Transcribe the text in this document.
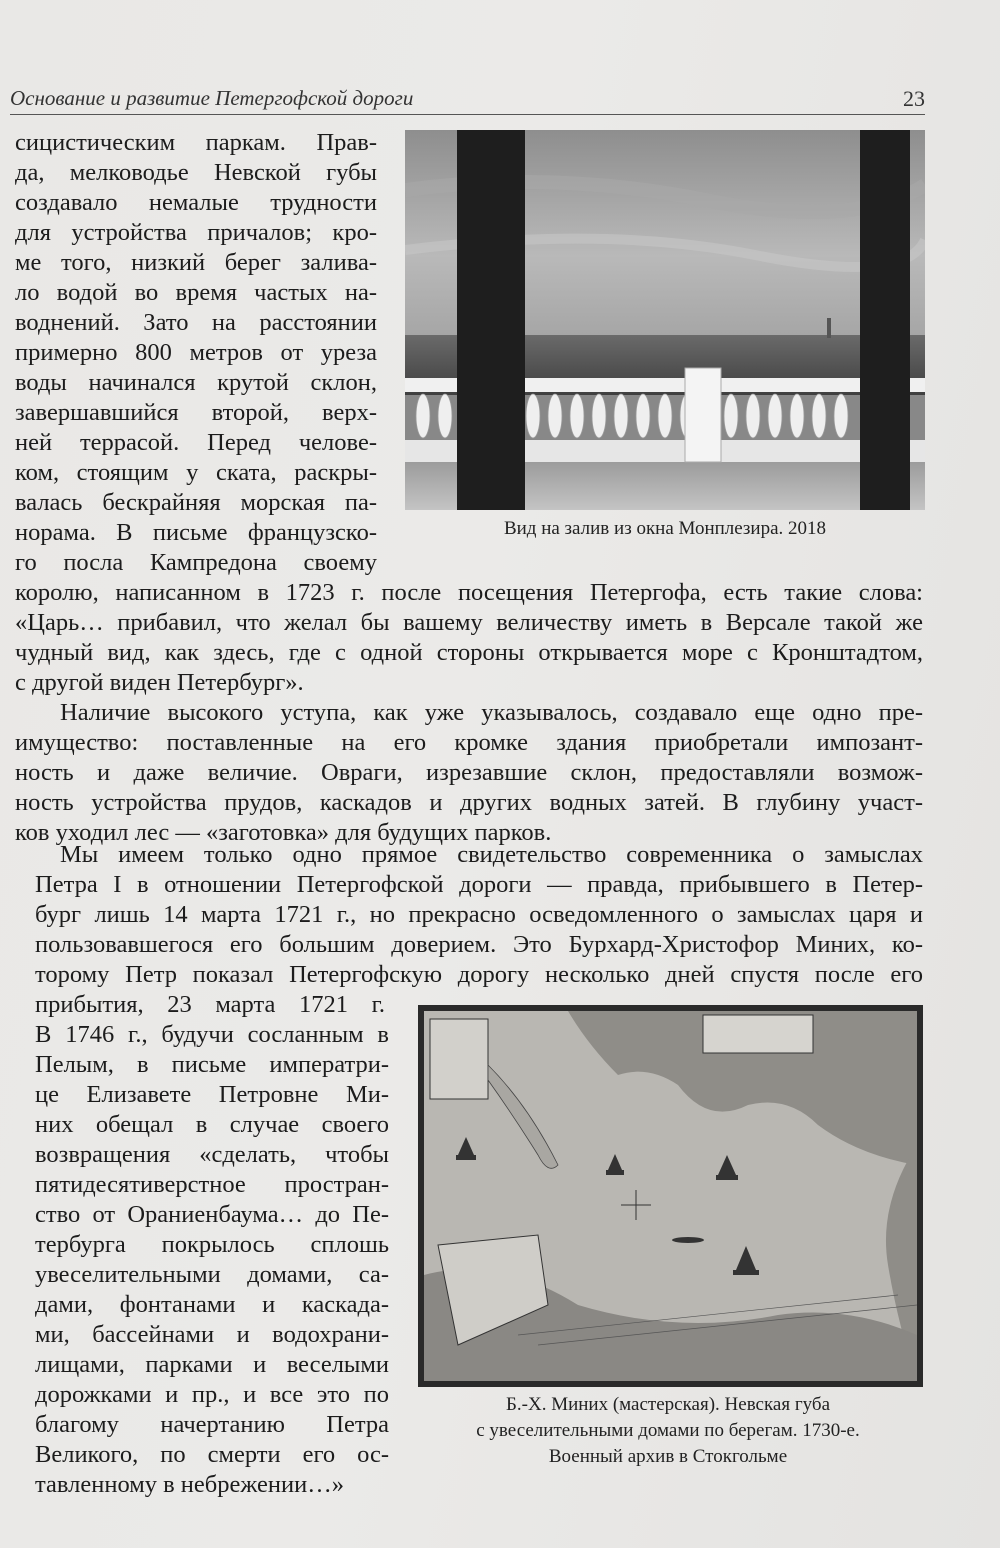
Основание и развитие Петергофской дороги	23
Вид на залив из окна Монплезира. 2018
Б.-Х. Миних (мастерская). Невская губа
с увеселительными домами по берегам. 1730-е.
Военный архив в Стокгольме
сицистическим паркам. Прав-
да, мелководье Невской губы
создавало немалые трудности
для устройства причалов; кро-
ме того, низкий берег залива-
ло водой во время частых на-
воднений. Зато на расстоянии
примерно 800 метров от уреза
воды начинался крутой склон,
завершавшийся второй, верх-
ней террасой. Перед челове-
ком, стоящим у ската, раскры-
валась бескрайняя морская па-
норама. В письме французско-
го посла Кампредона своему
королю, написанном в 1723 г. после посещения Петергофа, есть такие слова:
«Царь… прибавил, что желал бы вашему величеству иметь в Версале такой же
чудный вид, как здесь, где с одной стороны открывается море с Кронштадтом,
с другой виден Петербург».
Наличие высокого уступа, как уже указывалось, создавало еще одно пре-
имущество: поставленные на его кромке здания приобретали импозант-
ность и даже величие. Овраги, изрезавшие склон, предоставляли возмож-
ность устройства прудов, каскадов и других водных затей. В глубину участ-
ков уходил лес — «заготовка» для будущих парков.
Мы имеем только одно прямое свидетельство современника о замыслах
Петра I в отношении Петергофской дороги — правда, прибывшего в Петер-
бург лишь 14 марта 1721 г., но прекрасно осведомленного о замыслах царя и
пользовавшегося его большим доверием. Это Бурхард-Христофор Миних, ко-
торому Петр показал Петергофскую дорогу несколько дней спустя после его
прибытия, 23 марта 1721 г.
В 1746 г., будучи сосланным в
Пелым, в письме императри-
це Елизавете Петровне Ми-
них обещал в случае своего
возвращения «сделать, чтобы
пятидесятиверстное простран-
ство от Ораниенбаума… до Пе-
тербурга покрылось сплошь
увеселительными домами, са-
дами, фонтанами и каскада-
ми, бассейнами и водохрани-
лищами, парками и веселыми
дорожками и пр., и все это по
благому начертанию Петра
Великого, по смерти его ос-
тавленному в небрежении…»
